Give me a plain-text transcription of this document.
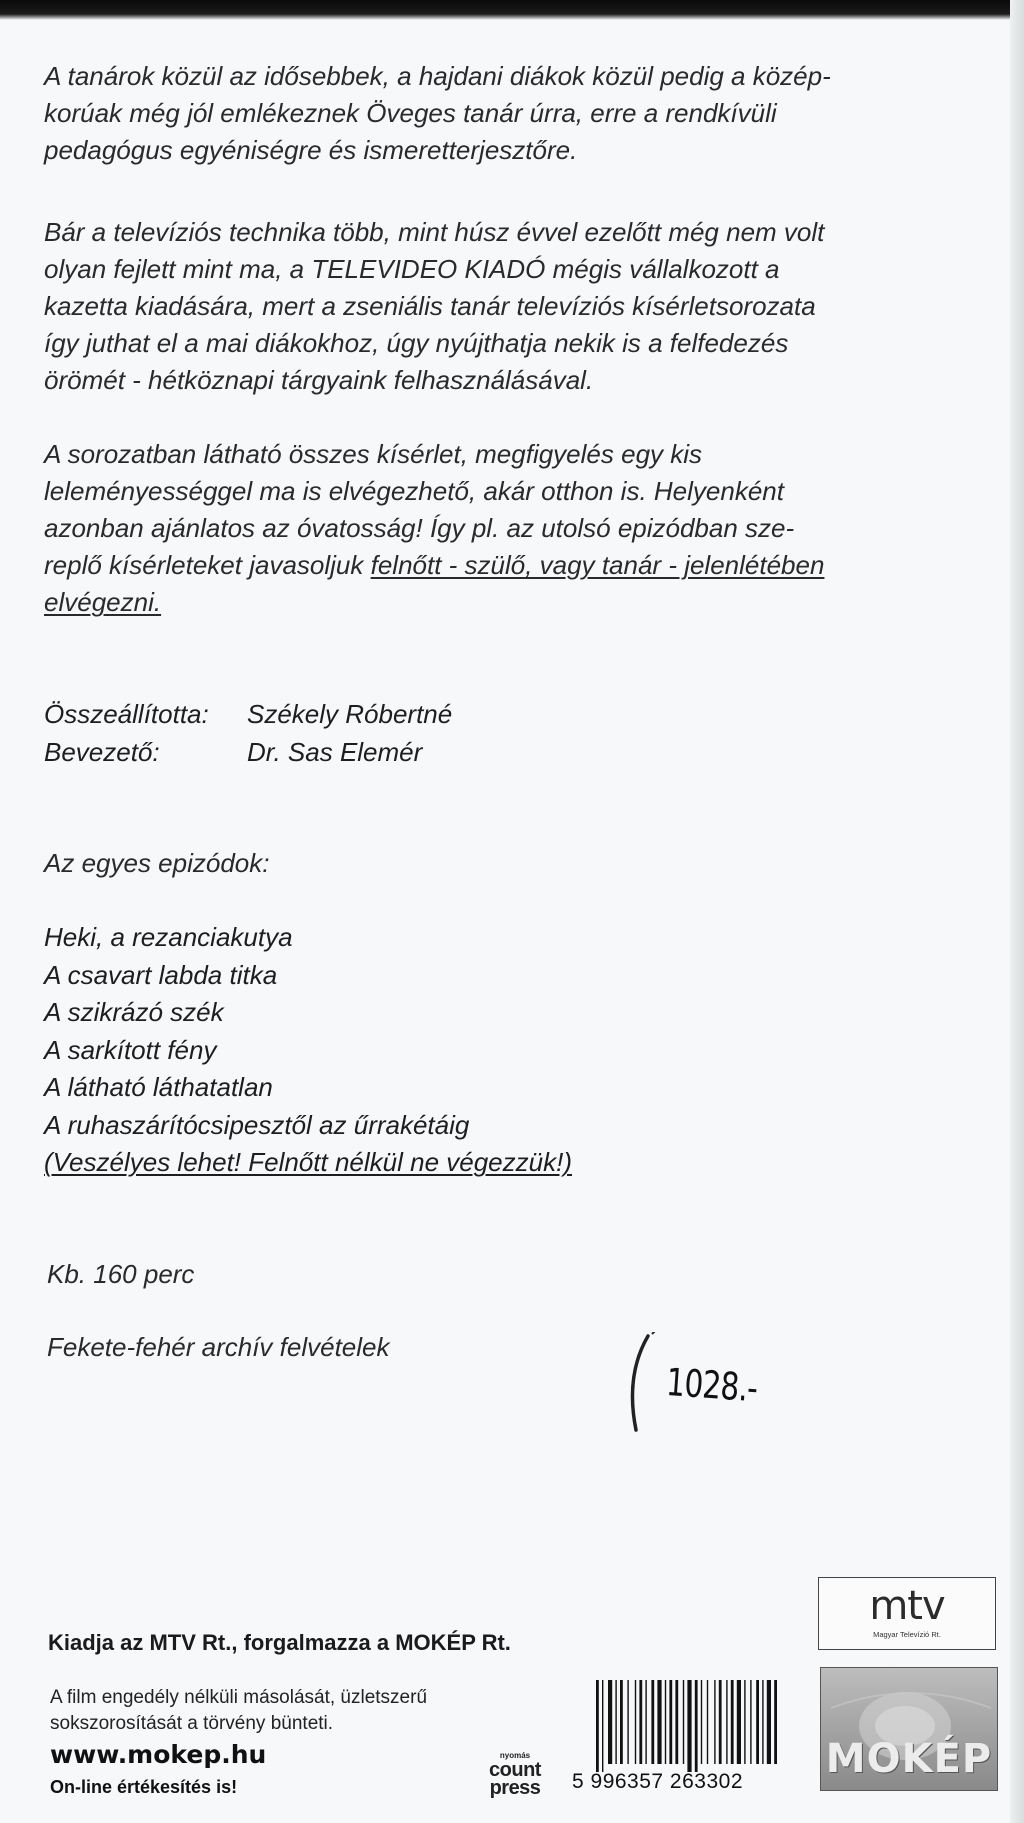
A tanárok közül az idősebbek, a hajdani diákok közül pedig a közép-

korúak még jól emlékeznek Öveges tanár úrra, erre a rendkívüli

pedagógus egyéniségre és ismeretterjesztőre.

Bár a televíziós technika több, mint húsz évvel ezelőtt még nem volt

olyan fejlett mint ma, a TELEVIDEO KIADÓ mégis vállalkozott a

kazetta kiadására, mert a zseniális tanár televíziós kísérletsorozata

így juthat el a mai diákokhoz, úgy nyújthatja nekik is a felfedezés

örömét - hétköznapi tárgyaink felhasználásával.

A sorozatban látható összes kísérlet, megfigyelés egy kis

leleményességgel ma is elvégezhető, akár otthon is. Helyenként

azonban ajánlatos az óvatosság! Így pl. az utolsó epizódban sze-

replő kísérleteket javasoljuk felnőtt - szülő, vagy tanár - jelenlétében

elvégezni.

Összeállította:	Székely Róbertné
Bevezető:	Dr. Sas Elemér
Az egyes epizódok:
Heki, a rezanciakutya
A csavart labda titka
A szikrázó szék
A sarkított fény
A látható láthatatlan
A ruhaszárítócsipesztől az űrrakétáig
(Veszélyes lehet! Felnőtt nélkül ne végezzük!)
Kb. 160 perc
Fekete-fehér archív felvételek
1028.-
Kiadja az MTV Rt., forgalmazza a MOKÉP Rt.
A film engedély nélküli másolását, üzletszerű
sokszorosítását a törvény bünteti.
www.mokep.hu
On-line értékesítés is!
nyomás
count
press	5 996357 263302
mtv
Magyar Televízió Rt.
MOKÉP
